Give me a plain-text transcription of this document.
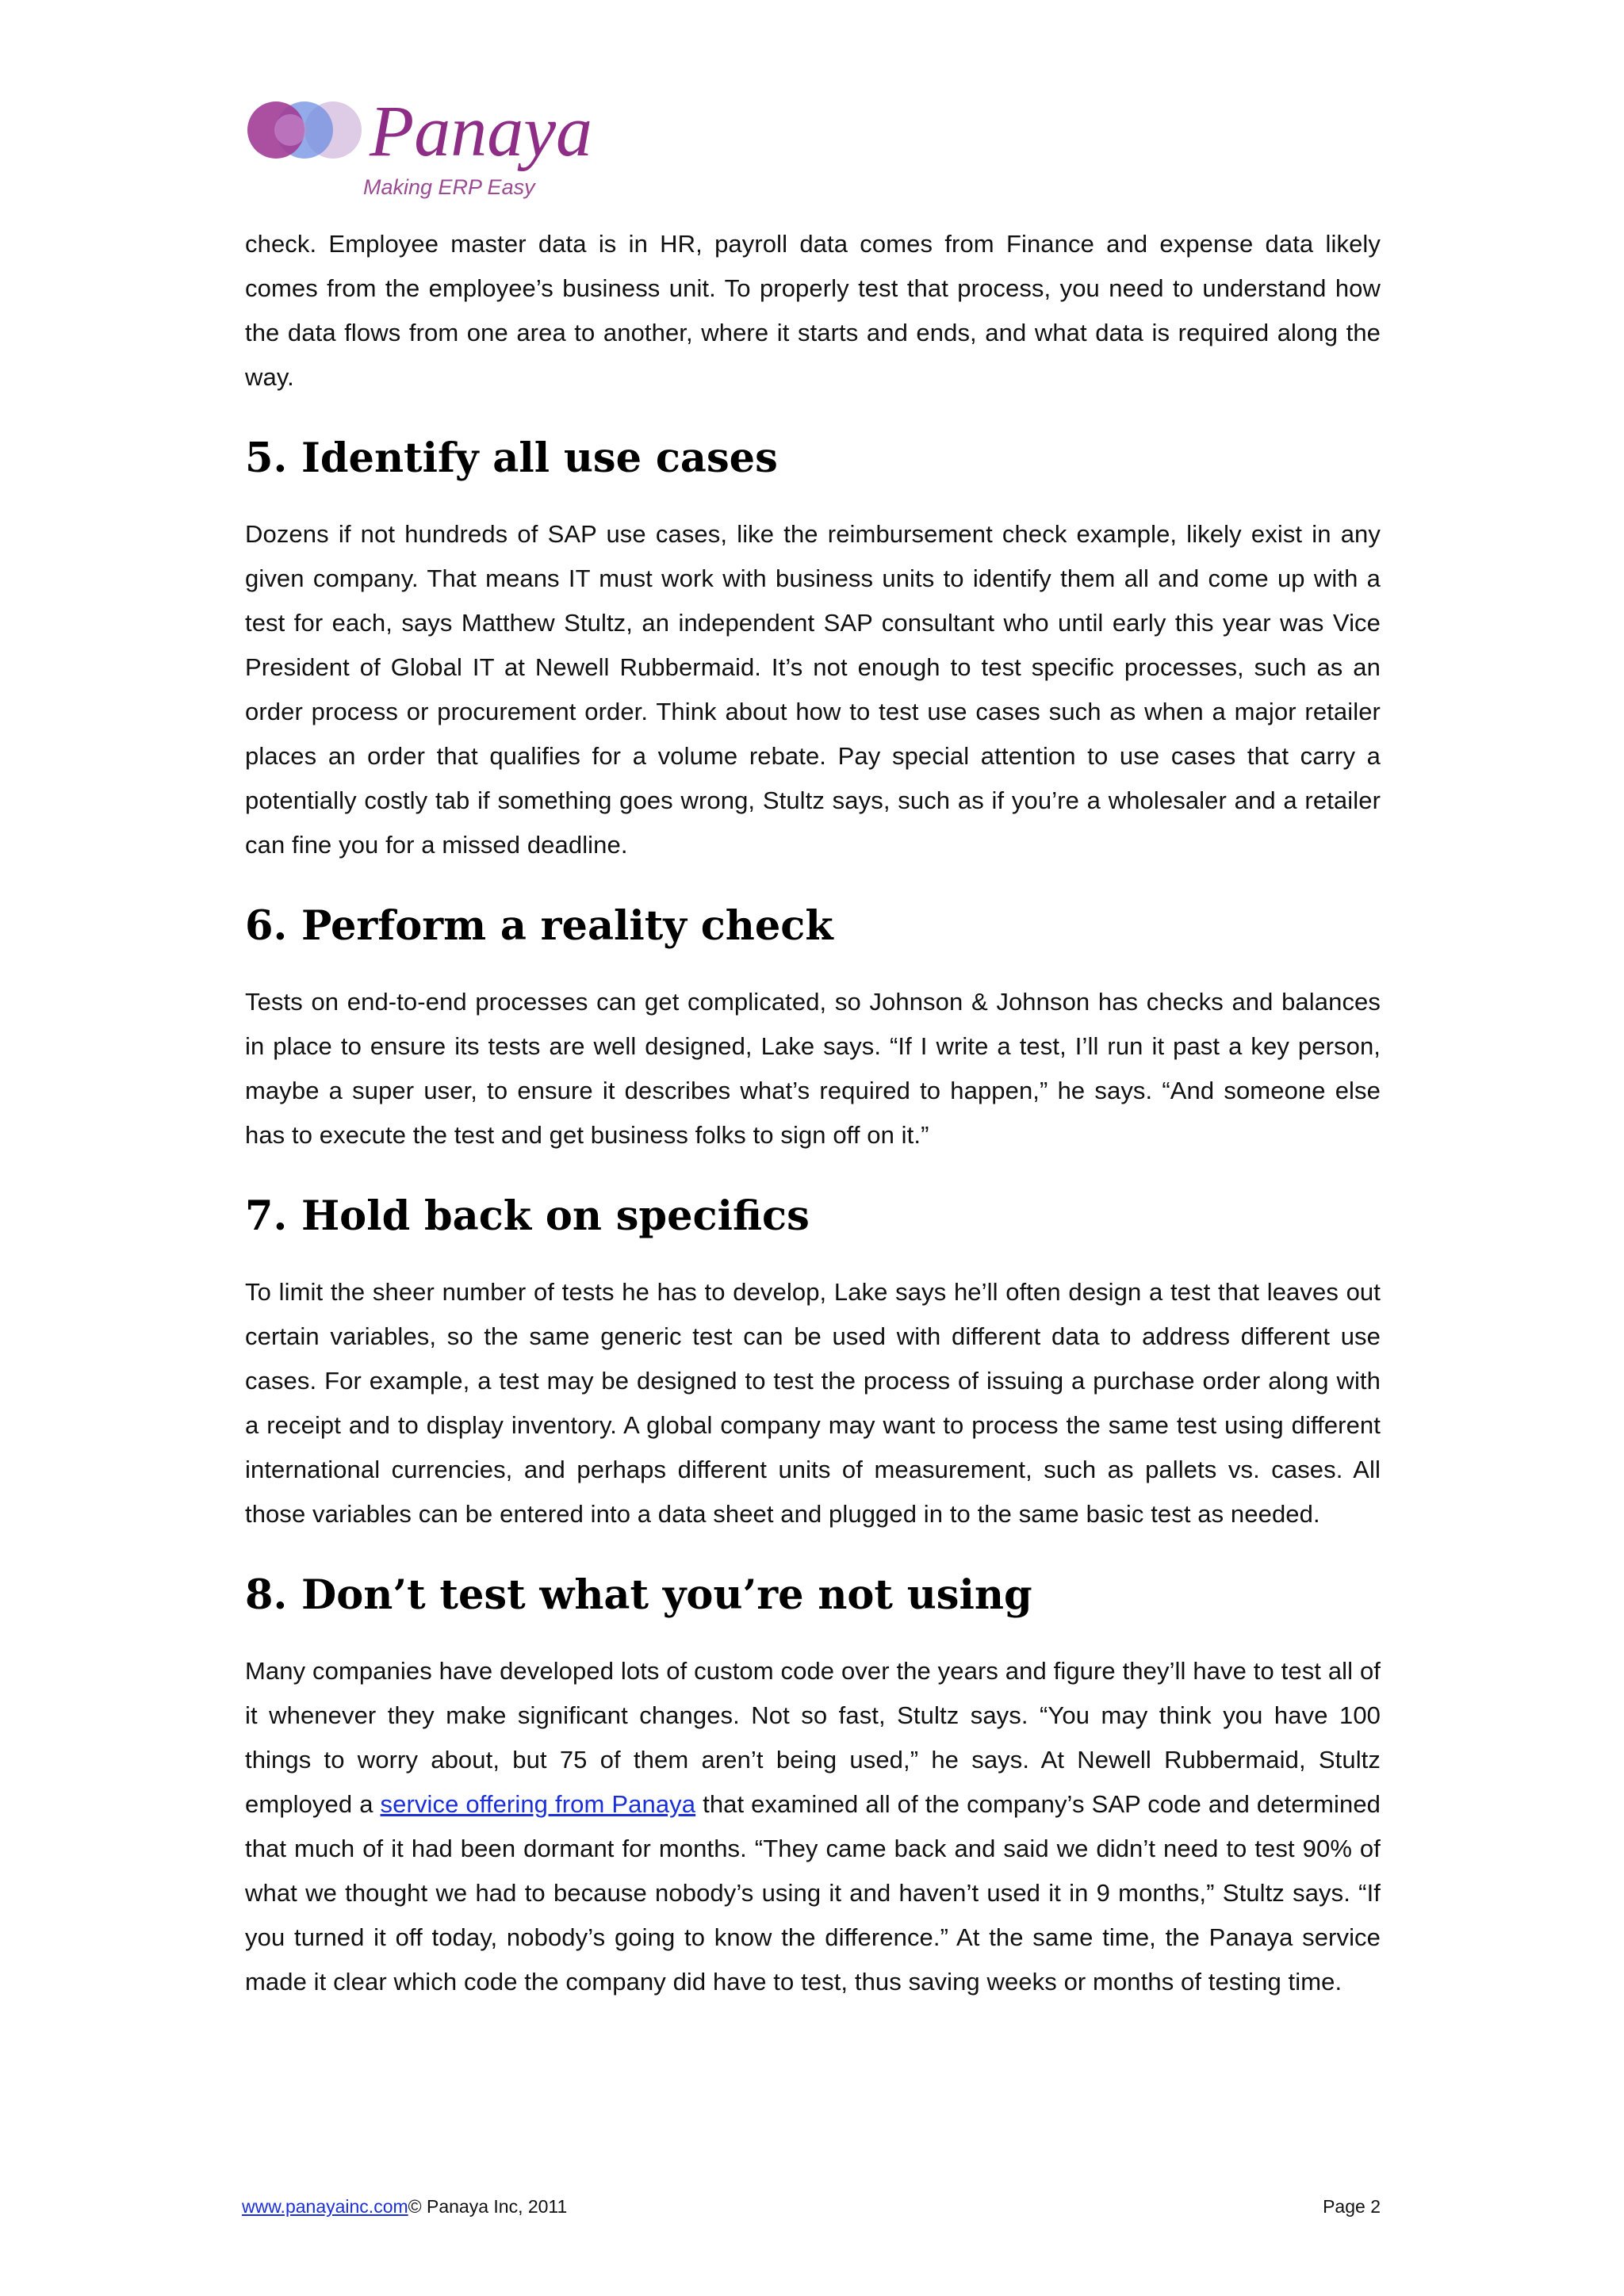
Panaya
Making ERP Easy

check. Employee master data is in HR, payroll data comes from Finance and expense data likely comes from the employee’s business unit. To properly test that process, you need to understand how the data flows from one area to another, where it starts and ends, and what data is required along the way.

5. Identify all use cases

Dozens if not hundreds of SAP use cases, like the reimbursement check example, likely exist in any given company. That means IT must work with business units to identify them all and come up with a test for each, says Matthew Stultz, an independent SAP consultant who until early this year was Vice President of Global IT at Newell Rubbermaid. It’s not enough to test specific processes, such as an order process or procurement order. Think about how to test use cases such as when a major retailer places an order that qualifies for a volume rebate. Pay special attention to use cases that carry a potentially costly tab if something goes wrong, Stultz says, such as if you’re a wholesaler and a retailer can fine you for a missed deadline.

6. Perform a reality check

Tests on end-to-end processes can get complicated, so Johnson & Johnson has checks and balances in place to ensure its tests are well designed, Lake says. “If I write a test, I’ll run it past a key person, maybe a super user, to ensure it describes what’s required to happen,” he says. “And someone else has to execute the test and get business folks to sign off on it.”

7. Hold back on specifics

To limit the sheer number of tests he has to develop, Lake says he’ll often design a test that leaves out certain variables, so the same generic test can be used with different data to address different use cases. For example, a test may be designed to test the process of issuing a purchase order along with a receipt and to display inventory. A global company may want to process the same test using different international currencies, and perhaps different units of measurement, such as pallets vs. cases. All those variables can be entered into a data sheet and plugged in to the same basic test as needed.

8. Don’t test what you’re not using

Many companies have developed lots of custom code over the years and figure they’ll have to test all of it whenever they make significant changes. Not so fast, Stultz says. “You may think you have 100 things to worry about, but 75 of them aren’t being used,” he says. At Newell Rubbermaid, Stultz employed a service offering from Panaya that examined all of the company’s SAP code and determined that much of it had been dormant for months. “They came back and said we didn’t need to test 90% of what we thought we had to because nobody’s using it and haven’t used it in 9 months,” Stultz says. “If you turned it off today, nobody’s going to know the difference.” At the same time, the Panaya service made it clear which code the company did have to test, thus saving weeks or months of testing time.

www.panayainc.com© Panaya Inc, 2011	Page 2
